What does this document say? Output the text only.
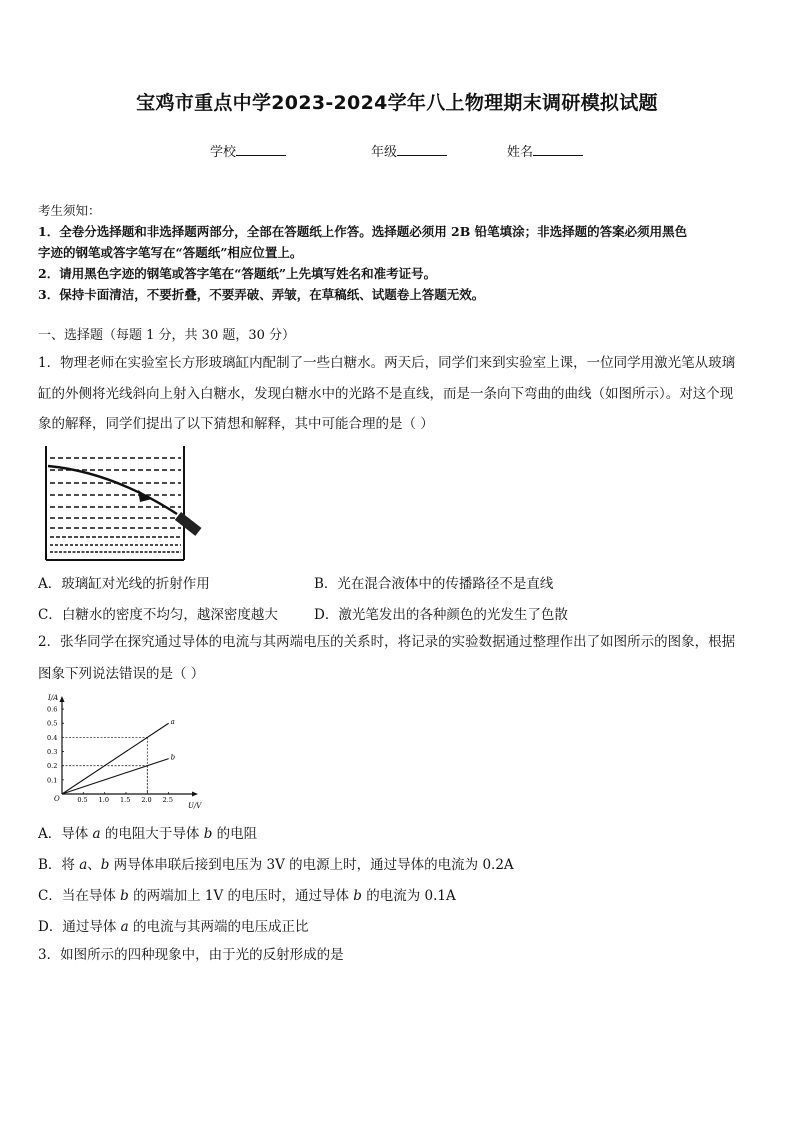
宝鸡市重点中学2023-2024学年八上物理期末调研模拟试题
学校	年级	姓名
考生须知：
1．全卷分选择题和非选择题两部分，全部在答题纸上作答。选择题必须用 2B 铅笔填涂；非选择题的答案必须用黑色
字迹的钢笔或答字笔写在“答题纸”相应位置上。
2．请用黑色字迹的钢笔或答字笔在“答题纸”上先填写姓名和准考证号。
3．保持卡面清洁，不要折叠，不要弄破、弄皱，在草稿纸、试题卷上答题无效。
一、选择题（每题 1 分，共 30 题，30 分）
1．物理老师在实验室长方形玻璃缸内配制了一些白糖水。两天后，同学们来到实验室上课，一位同学用激光笔从玻璃
缸的外侧将光线斜向上射入白糖水，发现白糖水中的光路不是直线，而是一条向下弯曲的曲线（如图所示）。对这个现
象的解释，同学们提出了以下猜想和解释，其中可能合理的是（ ）
A．玻璃缸对光线的折射作用	B．光在混合液体中的传播路径不是直线
C．白糖水的密度不均匀，越深密度越大	D．激光笔发出的各种颜色的光发生了色散
2．张华同学在探究通过导体的电流与其两端电压的关系时，将记录的实验数据通过整理作出了如图所示的图象，根据
图象下列说法错误的是（ ）
I/A
U/V
O	0.5 1.0 1.5 2.0 2.5
0.1
0.2
0.3
0.4
0.5
0.6
a
b
A．导体 a 的电阻大于导体 b 的电阻
B．将 a、b 两导体串联后接到电压为 3V 的电源上时，通过导体的电流为 0.2A
C．当在导体 b 的两端加上 1V 的电压时，通过导体 b 的电流为 0.1A
D．通过导体 a 的电流与其两端的电压成正比
3．如图所示的四种现象中，由于光的反射形成的是
